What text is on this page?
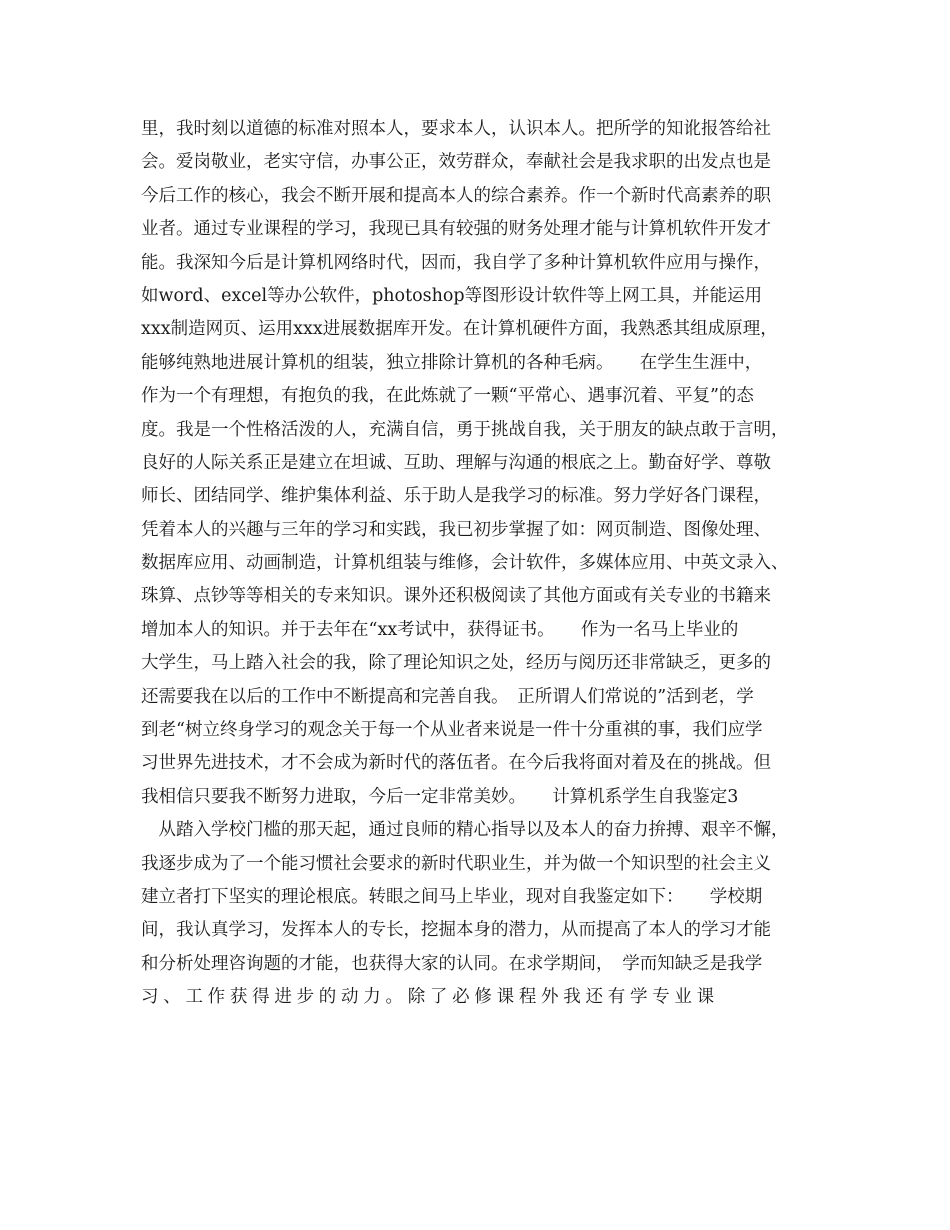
里，我时刻以道德的标准对照本人，要求本人，认识本人。把所学的知讹报答给社
会。爱岗敬业，老实守信，办事公正，效劳群众，奉献社会是我求职的出发点也是
今后工作的核心，我会不断开展和提高本人的综合素养。作一个新时代高素养的职
业者。通过专业课程的学习，我现已具有较强的财务处理才能与计算机软件开发才
能。我深知今后是计算机网络时代，因而，我自学了多种计算机软件应用与操作，
如word、excel等办公软件，photoshop等图形设计软件等上网工具，并能运用
xxx制造网页、运用xxx进展数据库开发。在计算机硬件方面，我熟悉其组成原理，
能够纯熟地进展计算机的组装，独立排除计算机的各种毛病。　　在学生生涯中，
作为一个有理想，有抱负的我，在此炼就了一颗“平常心、遇事沉着、平复”的态
度。我是一个性格活泼的人，充满自信，勇于挑战自我，关于朋友的缺点敢于言明，
良好的人际关系正是建立在坦诚、互助、理解与沟通的根底之上。勤奋好学、尊敬
师长、团结同学、维护集体利益、乐于助人是我学习的标准。努力学好各门课程，
凭着本人的兴趣与三年的学习和实践，我已初步掌握了如：网页制造、图像处理、
数据库应用、动画制造，计算机组装与维修，会计软件，多媒体应用、中英文录入、
珠算、点钞等等相关的专来知识。课外还积极阅读了其他方面或有关专业的书籍来
增加本人的知识。并于去年在“xx考试中，获得证书。　　作为一名马上毕业的
大学生，马上踏入社会的我，除了理论知识之处，经历与阅历还非常缺乏，更多的
还需要我在以后的工作中不断提高和完善自我。　正所谓人们常说的”活到老，学
到老“树立终身学习的观念关于每一个从业者来说是一件十分重祺的事，我们应学
习世界先进技术，才不会成为新时代的落伍者。在今后我将面对着及在的挑战。但
我相信只要我不断努力进取，今后一定非常美妙。　　计算机系学生自我鉴定3
　从踏入学校门槛的那天起，通过良师的精心指导以及本人的奋力拚搏、艰辛不懈，
我逐步成为了一个能习惯社会要求的新时代职业生，并为做一个知识型的社会主义
建立者打下坚实的理论根底。转眼之间马上毕业，现对自我鉴定如下：　　学校期
间，我认真学习，发挥本人的专长，挖掘本身的潜力，从而提高了本人的学习才能
和分析处理咨询题的才能，也获得大家的认同。在求学期间，　学而知缺乏是我学
习、工作获得进步的动力。除了必修课程外我还有学专业课
